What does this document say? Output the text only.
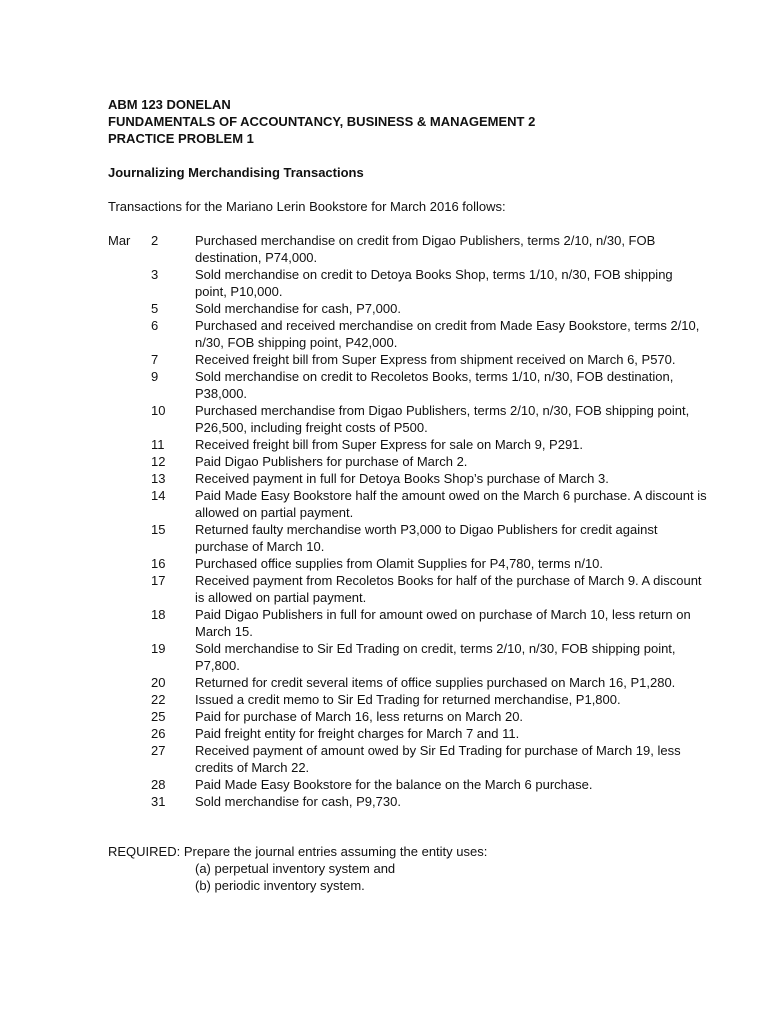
ABM 123 DONELAN
FUNDAMENTALS OF ACCOUNTANCY, BUSINESS & MANAGEMENT 2
PRACTICE PROBLEM 1
Journalizing Merchandising Transactions
Transactions for the Mariano Lerin Bookstore for March 2016 follows:
Mar	2	Purchased merchandise on credit from Digao Publishers, terms 2/10, n/30, FOB destination, P74,000.
3	Sold merchandise on credit to Detoya Books Shop, terms 1/10, n/30, FOB shipping point, P10,000.
5	Sold merchandise for cash, P7,000.
6	Purchased and received merchandise on credit from Made Easy Bookstore, terms 2/10, n/30, FOB shipping point, P42,000.
7	Received freight bill from Super Express from shipment received on March 6, P570.
9	Sold merchandise on credit to Recoletos Books, terms 1/10, n/30, FOB destination, P38,000.
10	Purchased merchandise from Digao Publishers, terms 2/10, n/30, FOB shipping point, P26,500, including freight costs of P500.
11	Received freight bill from Super Express for sale on March 9, P291.
12	Paid Digao Publishers for purchase of March 2.
13	Received payment in full for Detoya Books Shop’s purchase of March 3.
14	Paid Made Easy Bookstore half the amount owed on the March 6 purchase. A discount is allowed on partial payment.
15	Returned faulty merchandise worth P3,000 to Digao Publishers for credit against purchase of March 10.
16	Purchased office supplies from Olamit Supplies for P4,780, terms n/10.
17	Received payment from Recoletos Books for half of the purchase of March 9. A discount is allowed on partial payment.
18	Paid Digao Publishers in full for amount owed on purchase of March 10, less return on March 15.
19	Sold merchandise to Sir Ed Trading on credit, terms 2/10, n/30, FOB shipping point, P7,800.
20	Returned for credit several items of office supplies purchased on March 16, P1,280.
22	Issued a credit memo to Sir Ed Trading for returned merchandise, P1,800.
25	Paid for purchase of March 16, less returns on March 20.
26	Paid freight entity for freight charges for March 7 and 11.
27	Received payment of amount owed by Sir Ed Trading for purchase of March 19, less credits of March 22.
28	Paid Made Easy Bookstore for the balance on the March 6 purchase.
31	Sold merchandise for cash, P9,730.
REQUIRED: Prepare the journal entries assuming the entity uses:
(a) perpetual inventory system and
(b) periodic inventory system.
